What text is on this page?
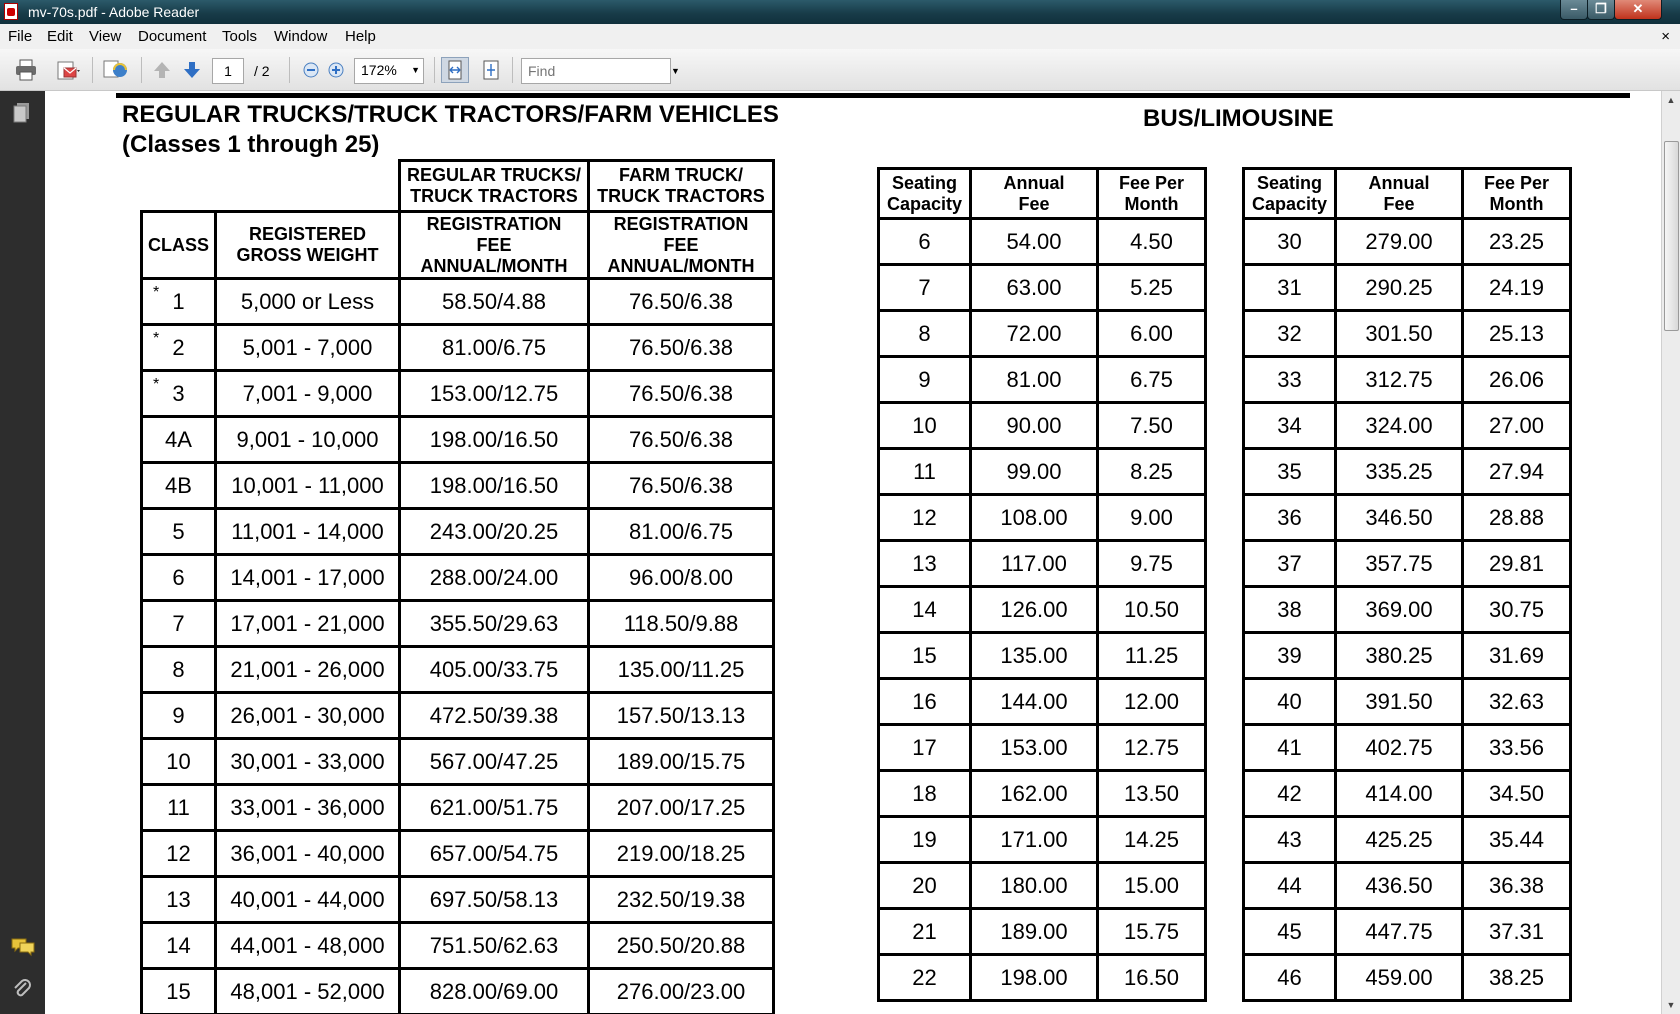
mv-70s.pdf - Adobe Reader	–	❐	✕
File Edit View Document Tools Window Help	×
1
/ 2	172% ▼
Find	▼
REGULAR TRUCKS/TRUCK TRACTORS/FARM VEHICLES
(Classes 1 through 25)
BUS/LIMOUSINE
		REGULAR TRUCKS/ TRUCK TRACTORS	FARM TRUCK/ TRUCK TRACTORS
CLASS	REGISTERED GROSS WEIGHT	REGISTRATION FEE ANNUAL/MONTH	REGISTRATION FEE ANNUAL/MONTH

* 1	5,000 or Less	58.50/4.88	76.50/6.38

* 2	5,001 - 7,000	81.00/6.75	76.50/6.38

* 3	7,001 - 9,000	153.00/12.75	76.50/6.38
4A	9,001 - 10,000	198.00/16.50	76.50/6.38
4B	10,001 - 11,000	198.00/16.50	76.50/6.38
5	11,001 - 14,000	243.00/20.25	81.00/6.75
6	14,001 - 17,000	288.00/24.00	96.00/8.00
7	17,001 - 21,000	355.50/29.63	118.50/9.88
8	21,001 - 26,000	405.00/33.75	135.00/11.25
9	26,001 - 30,000	472.50/39.38	157.50/13.13
10	30,001 - 33,000	567.00/47.25	189.00/15.75
11	33,001 - 36,000	621.00/51.75	207.00/17.25
12	36,001 - 40,000	657.00/54.75	219.00/18.25
13	40,001 - 44,000	697.50/58.13	232.50/19.38
14	44,001 - 48,000	751.50/62.63	250.50/20.88
15	48,001 - 52,000	828.00/69.00	276.00/23.00
Seating Capacity	Annual Fee	Fee Per Month
6	54.00	4.50
7	63.00	5.25
8	72.00	6.00
9	81.00	6.75
10	90.00	7.50
11	99.00	8.25
12	108.00	9.00
13	117.00	9.75
14	126.00	10.50
15	135.00	11.25
16	144.00	12.00
17	153.00	12.75
18	162.00	13.50
19	171.00	14.25
20	180.00	15.00
21	189.00	15.75
22	198.00	16.50
Seating Capacity	Annual Fee	Fee Per Month
30	279.00	23.25
31	290.25	24.19
32	301.50	25.13
33	312.75	26.06
34	324.00	27.00
35	335.25	27.94
36	346.50	28.88
37	357.75	29.81
38	369.00	30.75
39	380.25	31.69
40	391.50	32.63
41	402.75	33.56
42	414.00	34.50
43	425.25	35.44
44	436.50	36.38
45	447.75	37.31
46	459.00	38.25
▲
▼
